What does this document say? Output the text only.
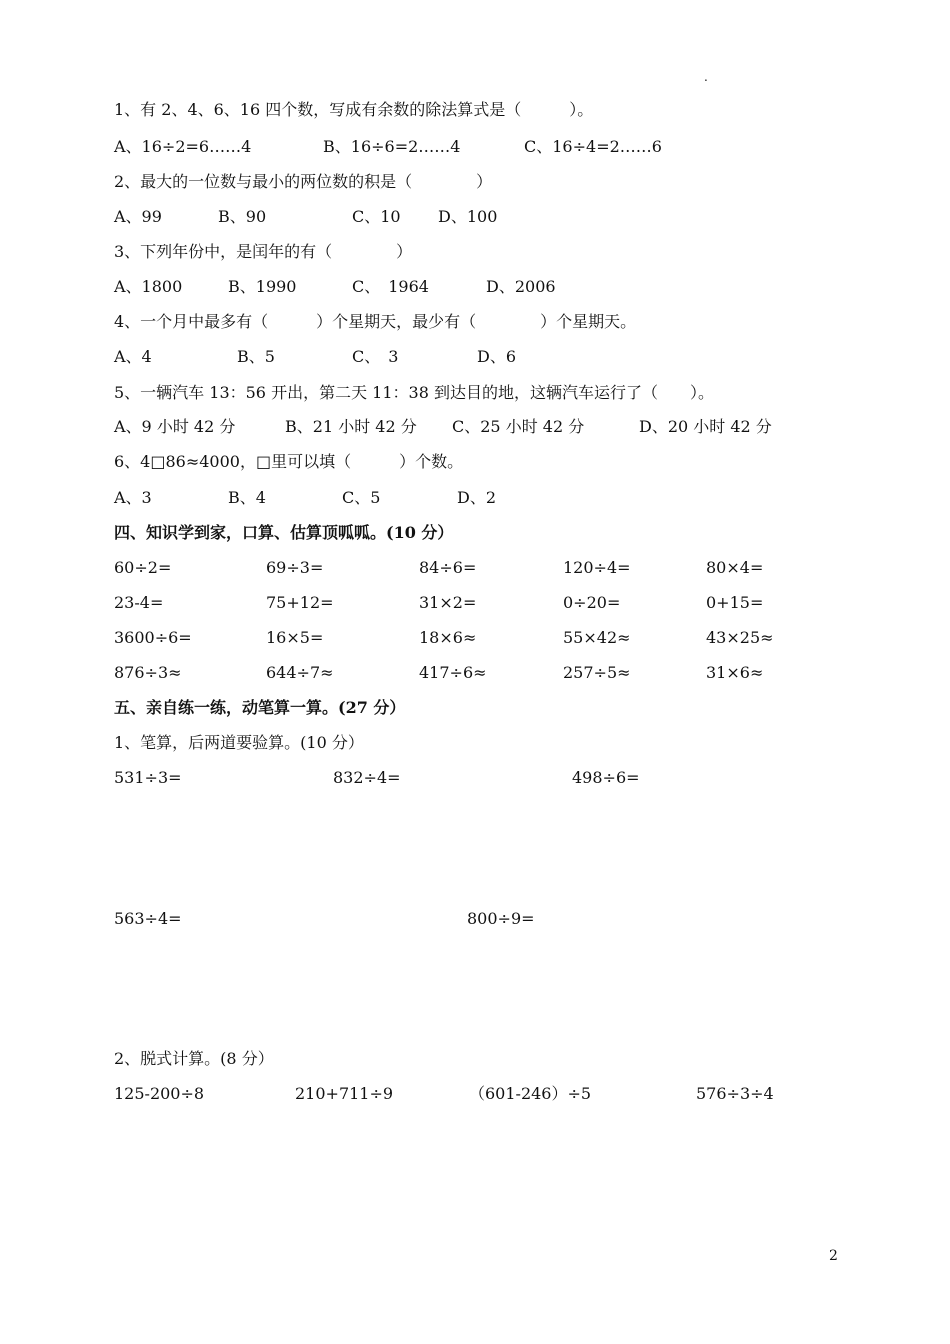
.
1、有 2、4、6、16 四个数，写成有余数的除法算式是（　　　）。
A、16÷2=6……4	B、16÷6=2……4	C、16÷4=2……6
2、最大的一位数与最小的两位数的积是（　　　　）
A、99	B、90	C、10 D、100
3、下列年份中，是闰年的有（　　　　）
A、1800	B、1990	C、　1964	D、2006
4、一个月中最多有（　　　）个星期天，最少有（　　　　）个星期天。
A、4	B、5	C、　3	D、6
5、一辆汽车 13：56 开出，第二天 11：38 到达目的地，这辆汽车运行了（　　）。
A、9 小时 42 分	B、21 小时 42 分 C、25 小时 42 分	D、20 小时 42 分
6、4□86≈4000，□里可以填（　　　）个数。
A、3	B、4	C、5	D、2
四、知识学到家，口算、估算顶呱呱。(10 分）
60÷2=	69÷3=	84÷6=	120÷4=	80×4=
23-4=	75+12=	31×2=	0÷20=	0+15=
3600÷6=	16×5=	18×6≈	55×42≈	43×25≈
876÷3≈	644÷7≈	417÷6≈	257÷5≈	31×6≈
五、亲自练一练，动笔算一算。(27 分）
1、笔算，后两道要验算。(10 分）
531÷3=	832÷4=	498÷6=
563÷4=	800÷9=
2、脱式计算。(8 分）
125-200÷8	210+711÷9	（601-246）÷5	576÷3÷4
2
